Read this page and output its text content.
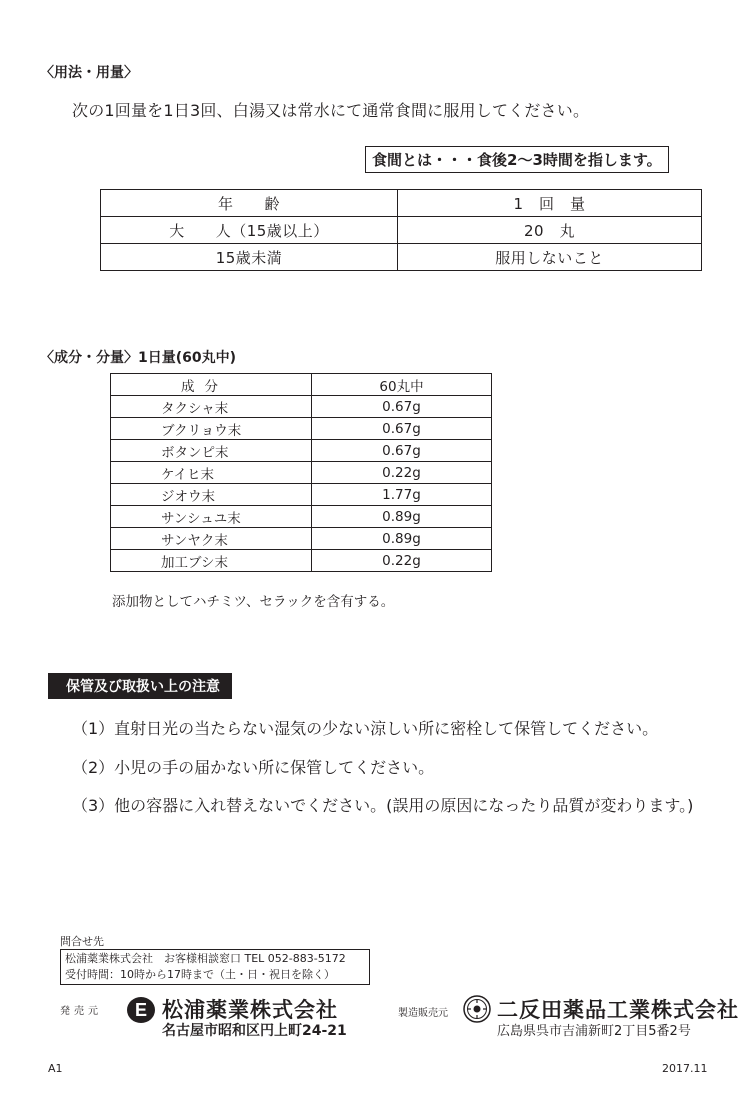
〈用法・用量〉
次の1回量を1日3回、白湯又は常水にて通常食間に服用してください。
食間とは・・・食後2〜3時間を指します。
年　　齢	1　回　量
大　　人（15歳以上）	20　丸
15歳未満	服用しないこと
〈成分・分量〉1日量(60丸中)
成分	60丸中
タクシャ末	0.67g
ブクリョウ末	0.67g
ボタンピ末	0.67g
ケイヒ末	0.22g
ジオウ末	1.77g
サンシュユ末	0.89g
サンヤク末	0.89g
加工ブシ末	0.22g
添加物としてハチミツ、セラックを含有する。
保管及び取扱い上の注意
（1）直射日光の当たらない湿気の少ない涼しい所に密栓して保管してください。
（2）小児の手の届かない所に保管してください。
（3）他の容器に入れ替えないでください。(誤用の原因になったり品質が変わります。)
問合せ先
松浦薬業株式会社　お客様相談窓口 TEL 052-883-5172
受付時間：10時から17時まで（土・日・祝日を除く）
発売元 E 松浦薬業株式会社
名古屋市昭和区円上町24-21
製造販売元 二反田薬品工業株式会社
広島県呉市吉浦新町2丁目5番2号
A1	2017.11
